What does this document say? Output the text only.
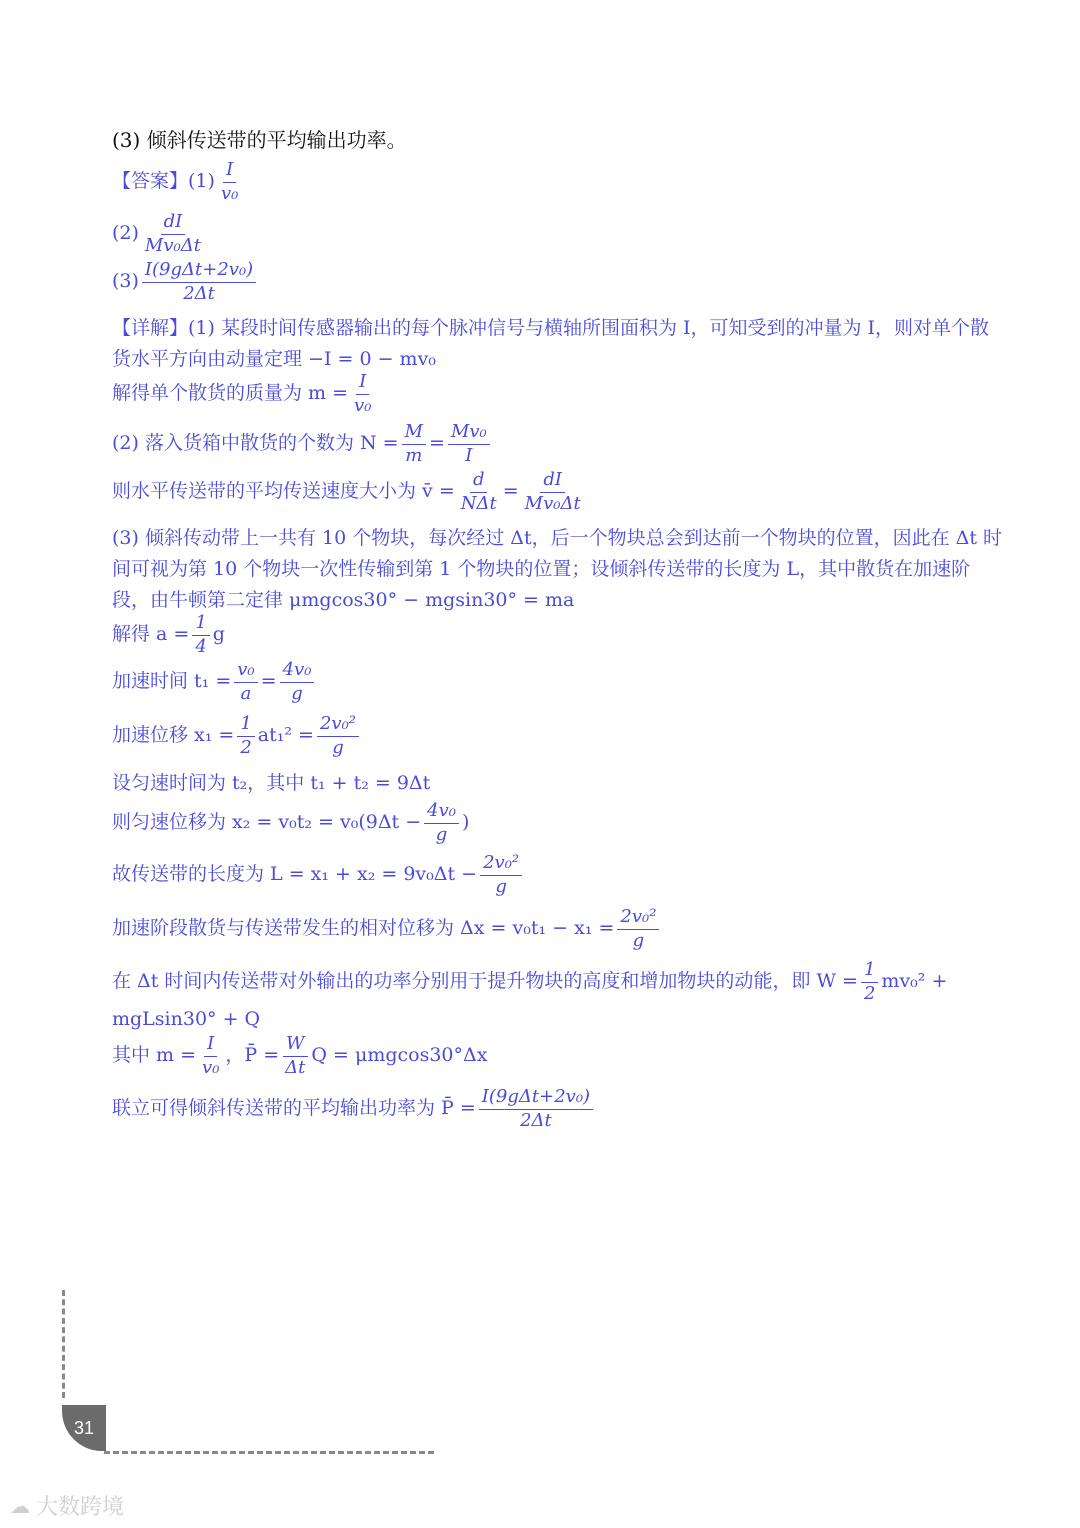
(3) 倾斜传送带的平均输出功率。
【答案】$(1) \frac{I}{\text{v₀}}$
$(2) \frac{dI}{\text{Mv₀Δt}}$
$(3) \frac{\text{I(9gΔt+2v₀)}}{2\Delta t}$
【详解】(1) 某段时间传感器输出的每个脉冲信号与横轴所围面积为 I，可知受到的冲量为 I，则对单个散
货水平方向由动量定理 −I = 0 − mv₀
解得单个散货的质量为 $m = \frac{I}{\text{v₀}}$
(2) 落入货箱中散货的个数为 $N = \frac{M}{m} = \frac{\text{Mv₀}}{I}$
则水平传送带的平均传送速度大小为 v̄ = $\frac{d}{\text{NΔt}} = \frac{dI}{\text{Mv₀Δt}}$
(3) 倾斜传动带上一共有 10 个物块，每次经过 Δt，后一个物块总会到达前一个物块的位置，因此在 Δt 时
间可视为第 10 个物块一次性传输到第 1 个物块的位置；设倾斜传送带的长度为 L，其中散货在加速阶
段，由牛顿第二定律 μmgcos30° − mgsin30° = ma
解得 $a = \frac{1}{4}$ g
加速时间 $t_1 = \frac{\text{v₀}}{a} = \frac{\text{4v₀}}{g}$
加速位移 $x_1 = \frac{1}{2} at_1^2 = \frac{\text{2v₀²}}{g}$
设匀速时间为 t₂，其中 t₁ + t₂ = 9Δt
则匀速位移为 $x_2 = v_0t_2 = v_0(9\Delta t - \frac{\text{4v₀}}{g}$ )
故传送带的长度为 $L = x_1 + x_2 = 9v_0\Delta t - \frac{\text{2v₀²}}{g}$
加速阶段散货与传送带发生的相对位移为 $\Delta x = v_0t_1 - x_1 = \frac{\text{2v₀²}}{g}$
在 Δt 时间内传送带对外输出的功率分别用于提升物块的高度和增加物块的动能，即 $W = \frac{1}{2} mv_0^2$ +
mgLsin30° + Q
其中 $m = \frac{I}{\text{v₀}}$ ，P̄ = $\frac{W}{\Delta t}$ Q = μmgcos30°Δx
联立可得倾斜传送带的平均输出功率为 P̄ = $\frac{\text{I(9gΔt+2v₀)}}{2\Delta t}$
31
☁ 大数跨境
